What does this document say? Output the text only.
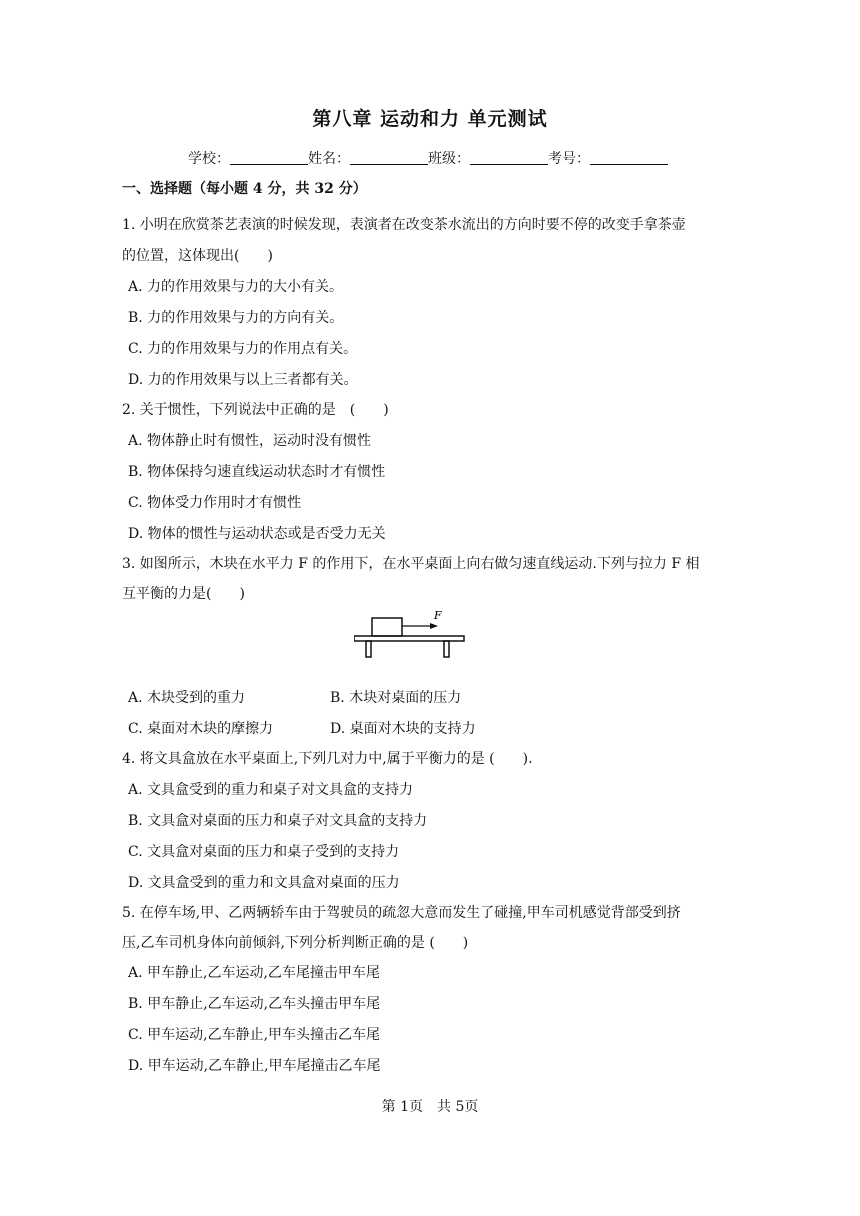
第八章 运动和力 单元测试
学校：	姓名：	班级：	考号：
一、选择题（每小题 4 分，共 32 分）
1. 小明在欣赏茶艺表演的时候发现，表演者在改变茶水流出的方向时要不停的改变手拿茶壶
的位置，这体现出(　　)
A. 力的作用效果与力的大小有关。
B. 力的作用效果与力的方向有关。
C. 力的作用效果与力的作用点有关。
D. 力的作用效果与以上三者都有关。
2. 关于惯性，下列说法中正确的是　(　　)
A. 物体静止时有惯性，运动时没有惯性
B. 物体保持匀速直线运动状态时才有惯性
C. 物体受力作用时才有惯性
D. 物体的惯性与运动状态或是否受力无关
3. 如图所示，木块在水平力 F 的作用下，在水平桌面上向右做匀速直线运动.下列与拉力 F 相
互平衡的力是(　　)
F
A. 木块受到的重力	B. 木块对桌面的压力
C. 桌面对木块的摩擦力	D. 桌面对木块的支持力
4. 将文具盒放在水平桌面上,下列几对力中,属于平衡力的是 (　　).
A. 文具盒受到的重力和桌子对文具盒的支持力
B. 文具盒对桌面的压力和桌子对文具盒的支持力
C. 文具盒对桌面的压力和桌子受到的支持力
D. 文具盒受到的重力和文具盒对桌面的压力
5. 在停车场,甲、乙两辆轿车由于驾驶员的疏忽大意而发生了碰撞,甲车司机感觉背部受到挤
压,乙车司机身体向前倾斜,下列分析判断正确的是 (　　)
A. 甲车静止,乙车运动,乙车尾撞击甲车尾
B. 甲车静止,乙车运动,乙车头撞击甲车尾
C. 甲车运动,乙车静止,甲车头撞击乙车尾
D. 甲车运动,乙车静止,甲车尾撞击乙车尾
第 1页　共 5页
